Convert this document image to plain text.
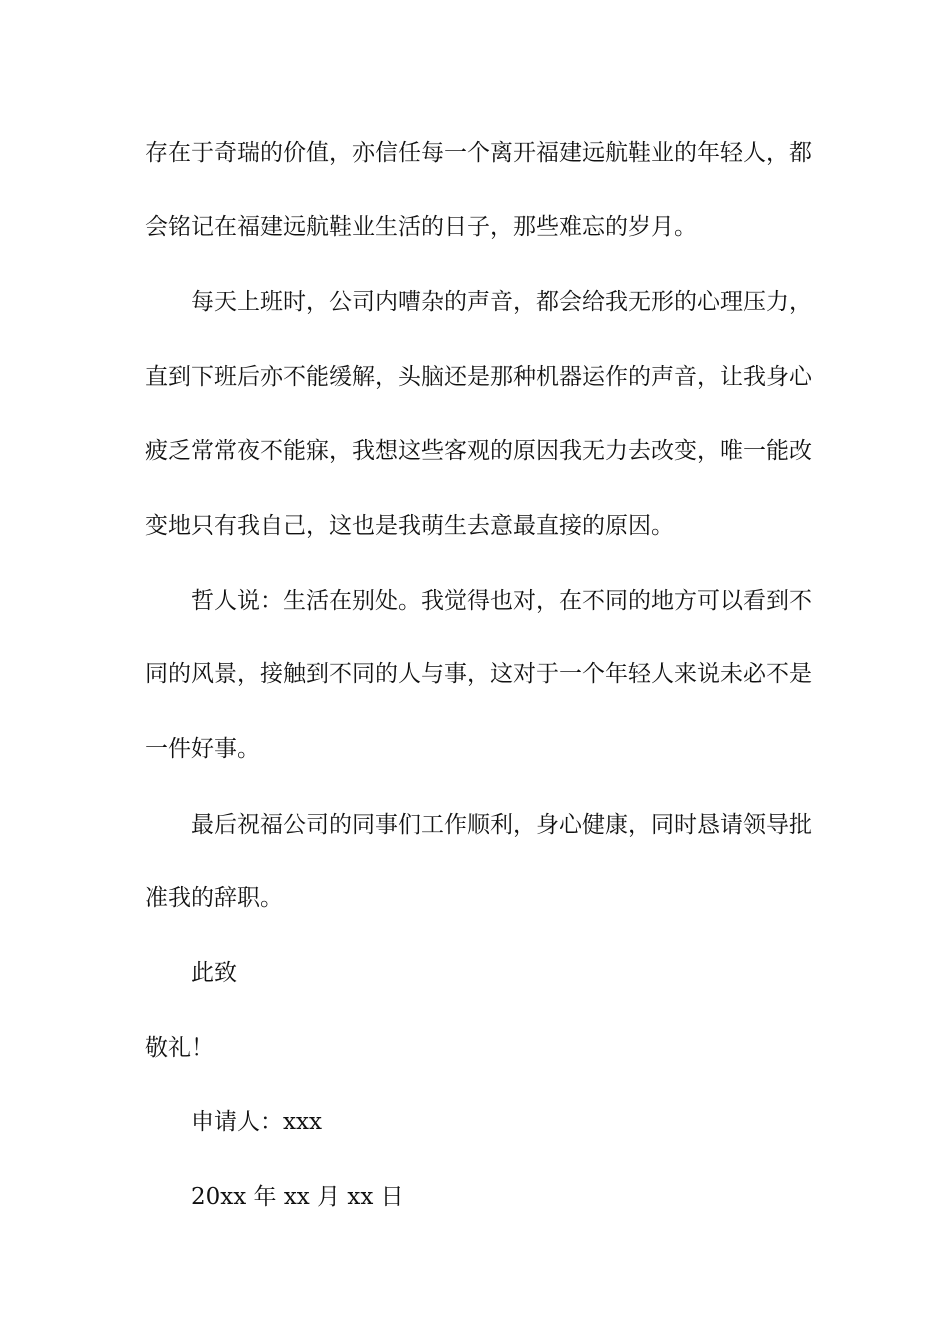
存在于奇瑞的价值，亦信任每一个离开福建远航鞋业的年轻人，都
会铭记在福建远航鞋业生活的日子，那些难忘的岁月。
每天上班时，公司内嘈杂的声音，都会给我无形的心理压力，
直到下班后亦不能缓解，头脑还是那种机器运作的声音，让我身心
疲乏常常夜不能寐，我想这些客观的原因我无力去改变，唯一能改
变地只有我自己，这也是我萌生去意最直接的原因。
哲人说：生活在别处。我觉得也对，在不同的地方可以看到不
同的风景，接触到不同的人与事，这对于一个年轻人来说未必不是
一件好事。
最后祝福公司的同事们工作顺利，身心健康，同时恳请领导批
准我的辞职。
此致
敬礼！
申请人：xxx
20xx 年 xx 月 xx 日
